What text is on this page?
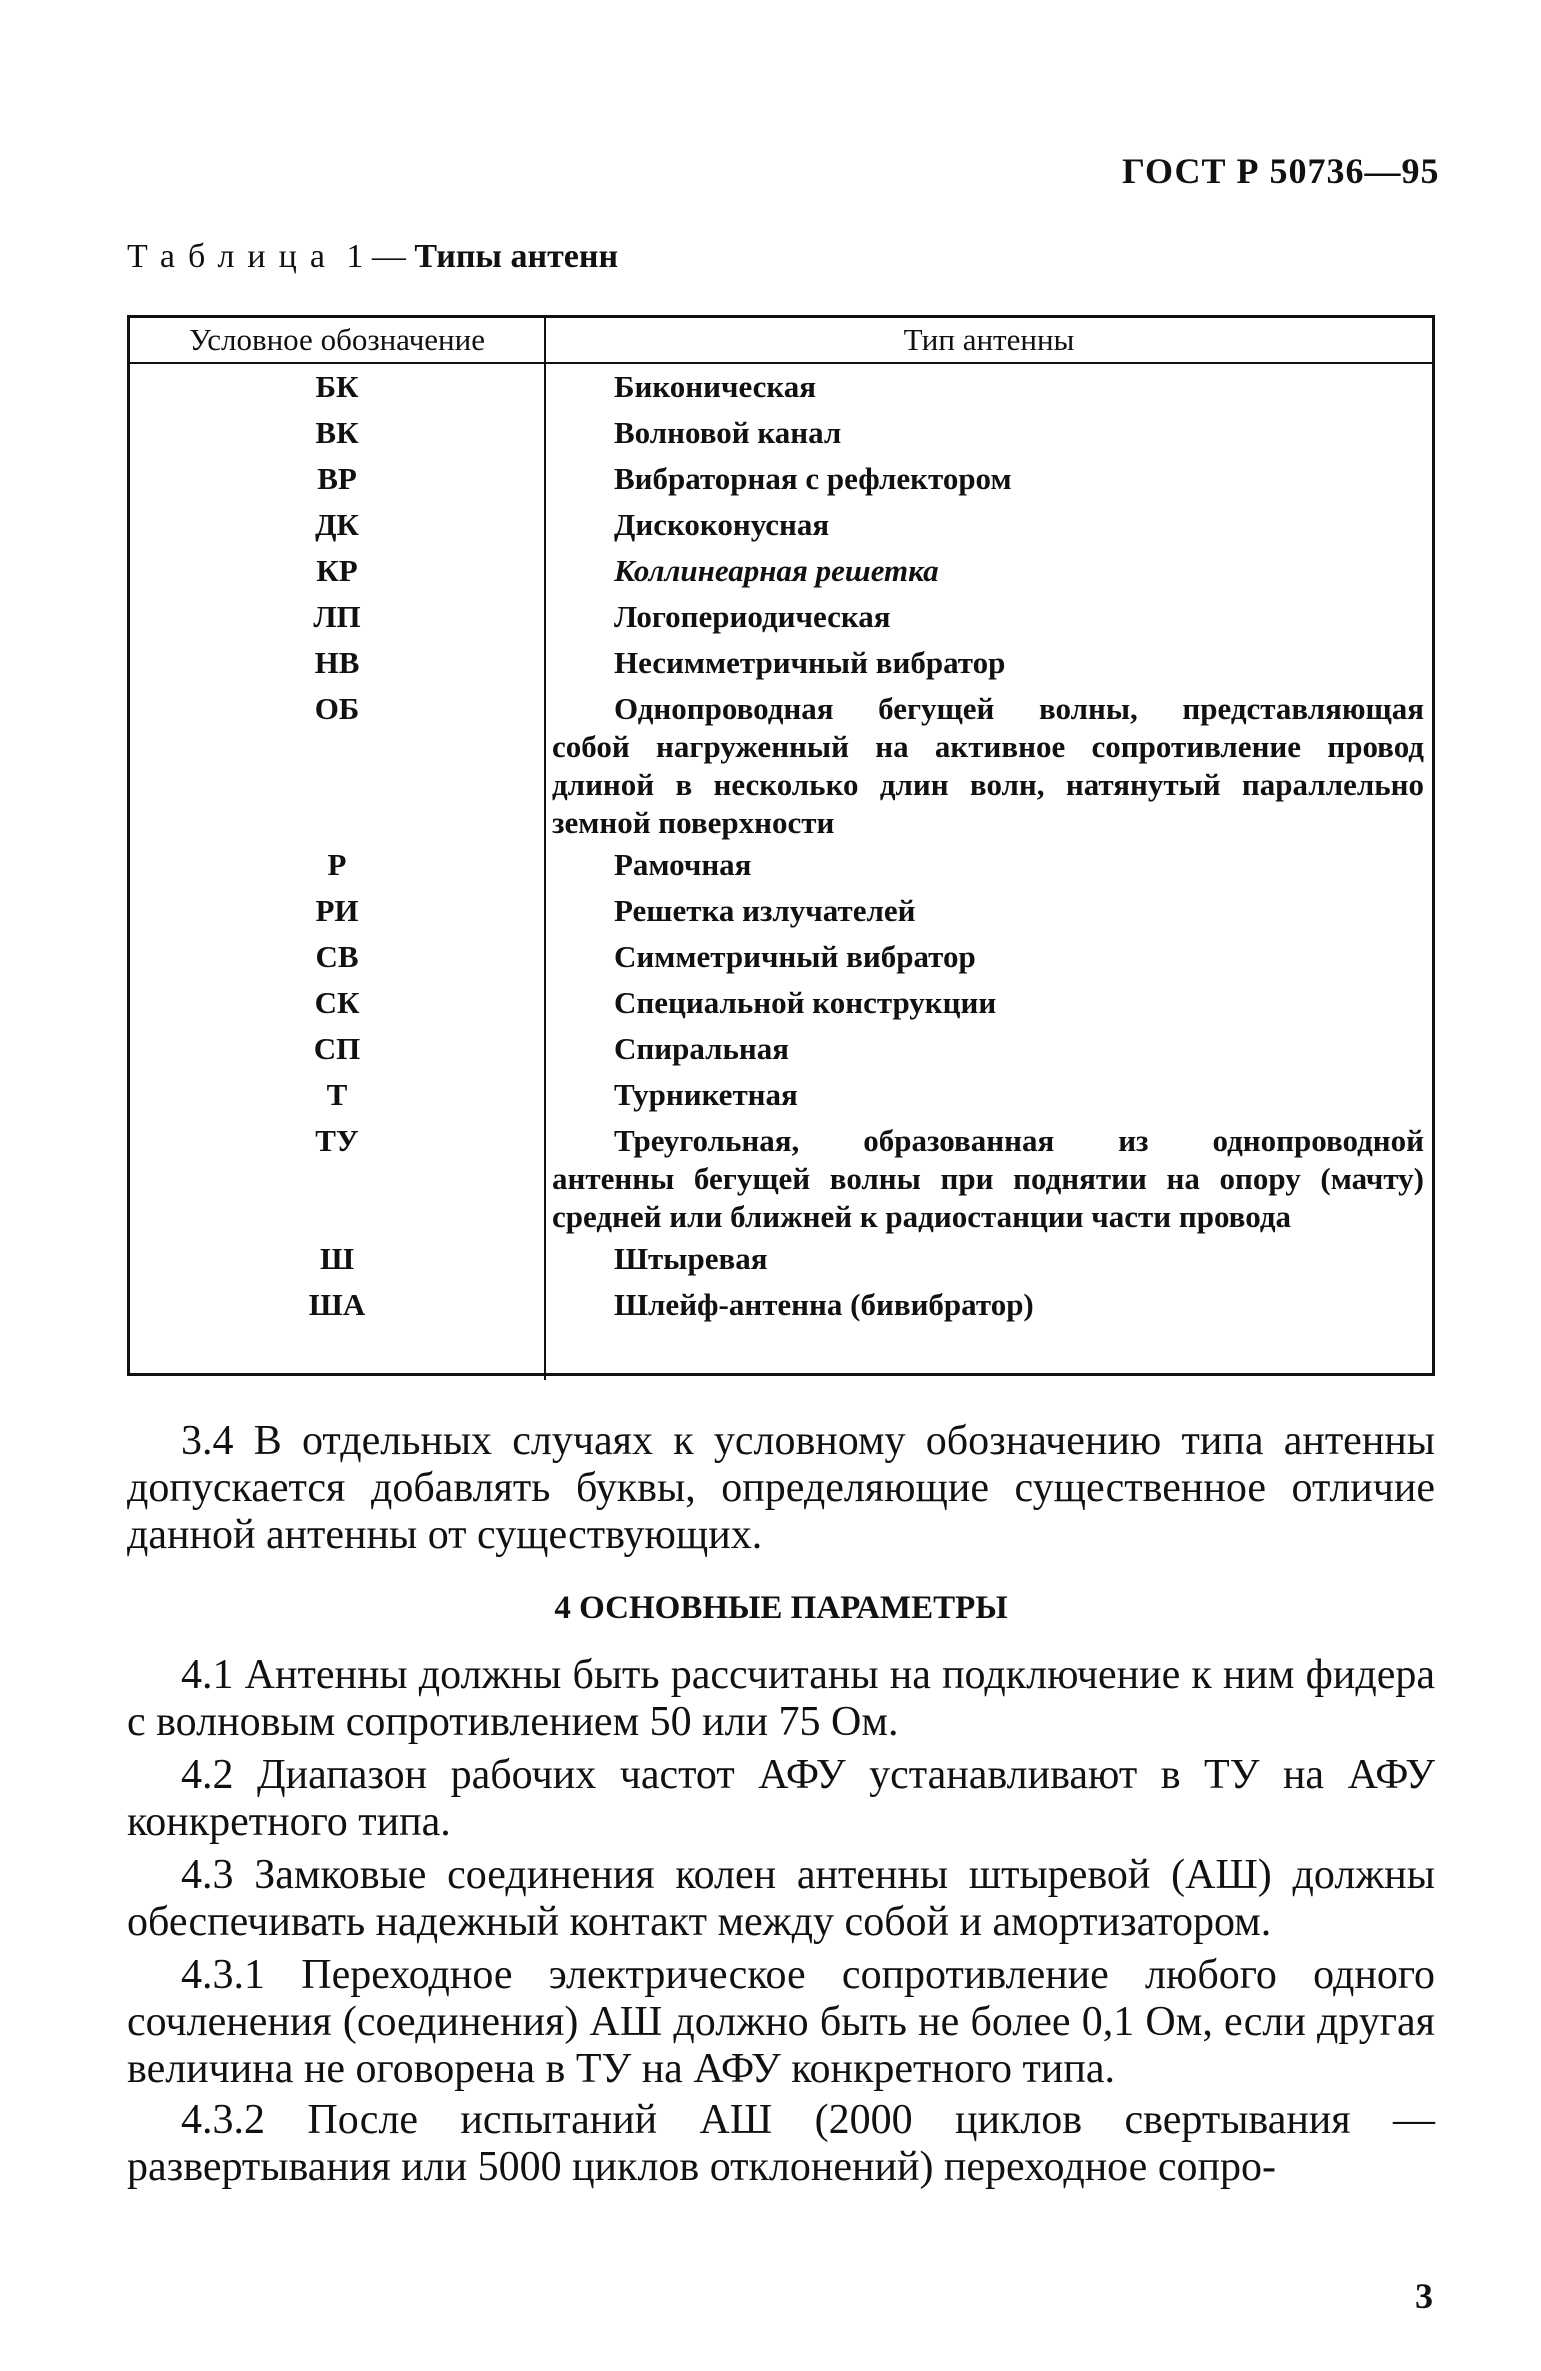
ГОСТ Р 50736—95
Таблица 1 — Типы антенн
Условное обозначение	Тип антенны
БК	Биконическая
ВК	Волновой канал
ВР	Вибраторная с рефлектором
ДК	Дискоконусная
КР	Коллинеарная решетка
ЛП	Логопериодическая
НВ	Несимметричный вибратор
ОБ	Однопроводная бегущей волны, представляющая
собой нагруженный на активное сопротивление провод длиной в несколько длин волн, натянутый параллельно земной поверхности
Р	Рамочная
РИ	Решетка излучателей
СВ	Симметричный вибратор
СК	Специальной конструкции
СП	Спиральная
Т	Турникетная
ТУ	Треугольная, образованная из однопроводной
антенны бегущей волны при поднятии на опору (мачту) средней или ближней к радиостанции части провода
Ш	Штыревая
ША	Шлейф-антенна (бивибратор)

3.4 В отдельных случаях к условному обозначению типа антенны допускается добавлять буквы, определяющие существенное отличие данной антенны от существующих.

4 ОСНОВНЫЕ ПАРАМЕТРЫ

4.1 Антенны должны быть рассчитаны на подключение к ним фидера с волновым сопротивлением 50 или 75 Ом.

4.2 Диапазон рабочих частот АФУ устанавливают в ТУ на АФУ конкретного типа.

4.3 Замковые соединения колен антенны штыревой (АШ) должны обеспечивать надежный контакт между собой и амортизатором.

4.3.1 Переходное электрическое сопротивление любого одного сочленения (соединения) АШ должно быть не более 0,1 Ом, если другая величина не оговорена в ТУ на АФУ конкретного типа.

4.3.2 После испытаний АШ (2000 циклов свертывания — развертывания или 5000 циклов отклонений) переходное сопро-

3
